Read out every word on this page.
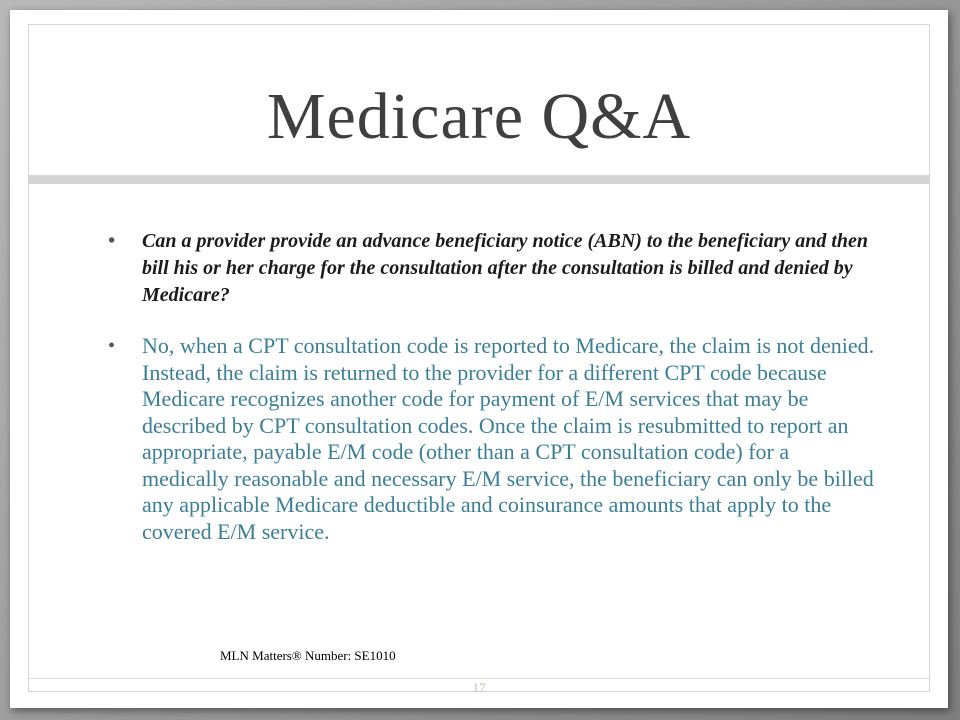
Medicare Q&A
• Can a provider provide an advance beneficiary notice (ABN) to the beneficiary and then bill his or her charge for the consultation after the consultation is billed and denied by Medicare?
• No, when a CPT consultation code is reported to Medicare, the claim is not denied. Instead, the claim is returned to the provider for a different CPT code because Medicare recognizes another code for payment of E/M services that may be described by CPT consultation codes. Once the claim is resubmitted to report an appropriate, payable E/M code (other than a CPT consultation code) for a medically reasonable and necessary E/M service, the beneficiary can only be billed any applicable Medicare deductible and coinsurance amounts that apply to the covered E/M service.
MLN Matters® Number: SE1010
17
